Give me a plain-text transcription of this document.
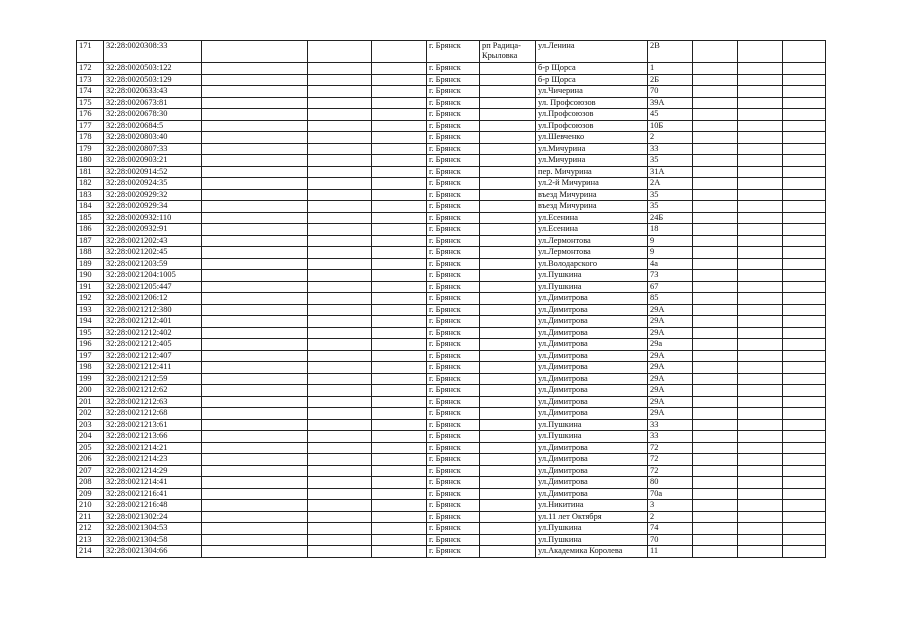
171	32:28:0020308:33				г. Брянск	рп Радица-Крыловка	ул.Ленина	2В			
172	32:28:0020503:122				г. Брянск		б-р Щорса	1			
173	32:28:0020503:129				г. Брянск		б-р Щорса	2Б			
174	32:28:0020633:43				г. Брянск		ул.Чичерина	70			
175	32:28:0020673:81				г. Брянск		ул. Профсоюзов	39А			
176	32:28:0020678:30				г. Брянск		ул.Профсоюзов	45			
177	32:28:0020684:5				г. Брянск		ул.Профсоюзов	10Б			
178	32:28:0020803:40				г. Брянск		ул.Шевченко	2			
179	32:28:0020807:33				г. Брянск		ул.Мичурина	33			
180	32:28:0020903:21				г. Брянск		ул.Мичурина	35			
181	32:28:0020914:52				г. Брянск		пер. Мичурина	31А			
182	32:28:0020924:35				г. Брянск		ул.2-й Мичурина	2А			
183	32:28:0020929:32				г. Брянск		въезд Мичурина	35			
184	32:28:0020929:34				г. Брянск		въезд Мичурина	35			
185	32:28:0020932:110				г. Брянск		ул.Есенина	24Б			
186	32:28:0020932:91				г. Брянск		ул.Есенина	18			
187	32:28:0021202:43				г. Брянск		ул.Лермонтова	9			
188	32:28:0021202:45				г. Брянск		ул.Лермонтова	9			
189	32:28:0021203:59				г. Брянск		ул.Володарского	4а			
190	32:28:0021204:1005				г. Брянск		ул.Пушкина	73			
191	32:28:0021205:447				г. Брянск		ул.Пушкина	67			
192	32:28:0021206:12				г. Брянск		ул.Димитрова	85			
193	32:28:0021212:380				г. Брянск		ул.Димитрова	29А			
194	32:28:0021212:401				г. Брянск		ул.Димитрова	29А			
195	32:28:0021212:402				г. Брянск		ул.Димитрова	29А			
196	32:28:0021212:405				г. Брянск		ул.Димитрова	29а			
197	32:28:0021212:407				г. Брянск		ул.Димитрова	29А			
198	32:28:0021212:411				г. Брянск		ул.Димитрова	29А			
199	32:28:0021212:59				г. Брянск		ул.Димитрова	29А			
200	32:28:0021212:62				г. Брянск		ул.Димитрова	29А			
201	32:28:0021212:63				г. Брянск		ул.Димитрова	29А			
202	32:28:0021212:68				г. Брянск		ул.Димитрова	29А			
203	32:28:0021213:61				г. Брянск		ул.Пушкина	33			
204	32:28:0021213:66				г. Брянск		ул.Пушкина	33			
205	32:28:0021214:21				г. Брянск		ул.Димитрова	72			
206	32:28:0021214:23				г. Брянск		ул.Димитрова	72			
207	32:28:0021214:29				г. Брянск		ул.Димитрова	72			
208	32:28:0021214:41				г. Брянск		ул.Димитрова	80			
209	32:28:0021216:41				г. Брянск		ул.Димитрова	70а			
210	32:28:0021216:48				г. Брянск		ул.Никитина	3			
211	32:28:0021302:24				г. Брянск		ул.11 лет Октября	2			
212	32:28:0021304:53				г. Брянск		ул.Пушкина	74			
213	32:28:0021304:58				г. Брянск		ул.Пушкина	70			
214	32:28:0021304:66				г. Брянск		ул.Академика Королева	11			
